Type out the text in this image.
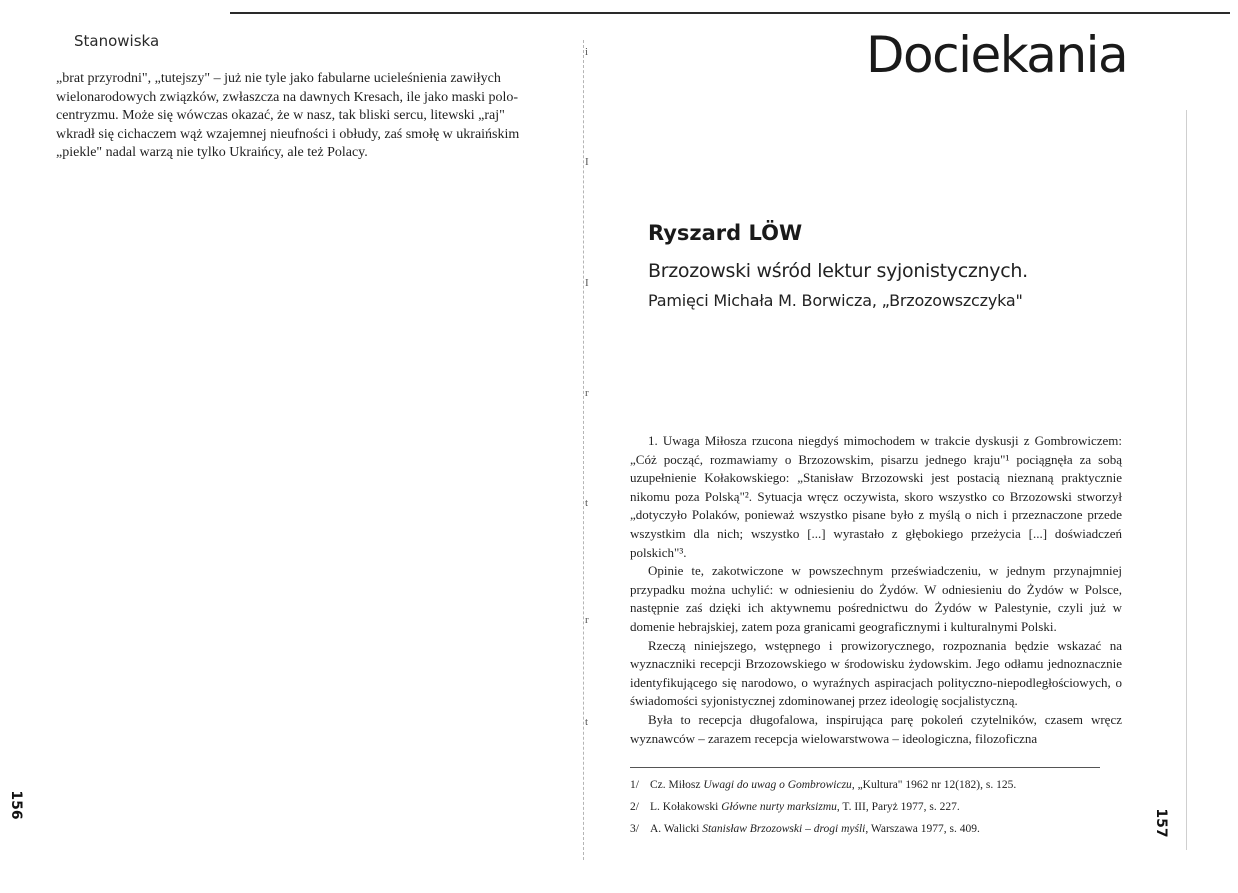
Stanowiska

„brat przyrodni", „tutejszy" – już nie tyle jako fabularne ucieleśnienia zawiłych

wielonarodowych związków, zwłaszcza na dawnych Kresach, ile jako maski polo-

centryzmu. Może się wówczas okazać, że w nasz, tak bliski sercu, litewski „raj"

wkradł się cichaczem wąż wzajemnej nieufności i obłudy, zaś smołę w ukraińskim

„piekle" nadal warzą nie tylko Ukraińcy, ale też Polacy.

156
i
I
I
r
t
r
t
Dociekania
Ryszard LÖW
Brzozowski wśród lektur syjonistycznych.
Pamięci Michała M. Borwicza, „Brzozowszczyka"

1. Uwaga Miłosza rzucona niegdyś mimochodem w trakcie dyskusji z Gombrowiczem: „Cóż począć, rozmawiamy o Brzozowskim, pisarzu jednego kraju"¹ pociągnęła za sobą uzupełnienie Kołakowskiego: „Stanisław Brzozowski jest postacią nieznaną praktycznie nikomu poza Polską"². Sytuacja wręcz oczywista, skoro wszystko co Brzozowski stworzył „dotyczyło Polaków, ponieważ wszystko pisane było z myślą o nich i przeznaczone przede wszystkim dla nich; wszystko [...] wyrastało z głębokiego przeżycia [...] doświadczeń polskich"³.

Opinie te, zakotwiczone w powszechnym przeświadczeniu, w jednym przynajmniej przypadku można uchylić: w odniesieniu do Żydów. W odniesieniu do Żydów w Polsce, następnie zaś dzięki ich aktywnemu pośrednictwu do Żydów w Palestynie, czyli już w domenie hebrajskiej, zatem poza granicami geograficznymi i kulturalnymi Polski.

Rzeczą niniejszego, wstępnego i prowizorycznego, rozpoznania będzie wskazać na wyznaczniki recepcji Brzozowskiego w środowisku żydowskim. Jego odłamu jednoznacznie identyfikującego się narodowo, o wyraźnych aspiracjach polityczno-niepodległościowych, o świadomości syjonistycznej zdominowanej przez ideologię socjalistyczną.

Była to recepcja długofalowa, inspirująca parę pokoleń czytelników, czasem wręcz wyznawców – zarazem recepcja wielowarstwowa – ideologiczna, filozoficzna

1/ Cz. Miłosz Uwagi do uwag o Gombrowiczu, „Kultura" 1962 nr 12(182), s. 125.

2/ L. Kołakowski Główne nurty marksizmu, T. III, Paryż 1977, s. 227.

3/ A. Walicki Stanisław Brzozowski – drogi myśli, Warszawa 1977, s. 409.	157
